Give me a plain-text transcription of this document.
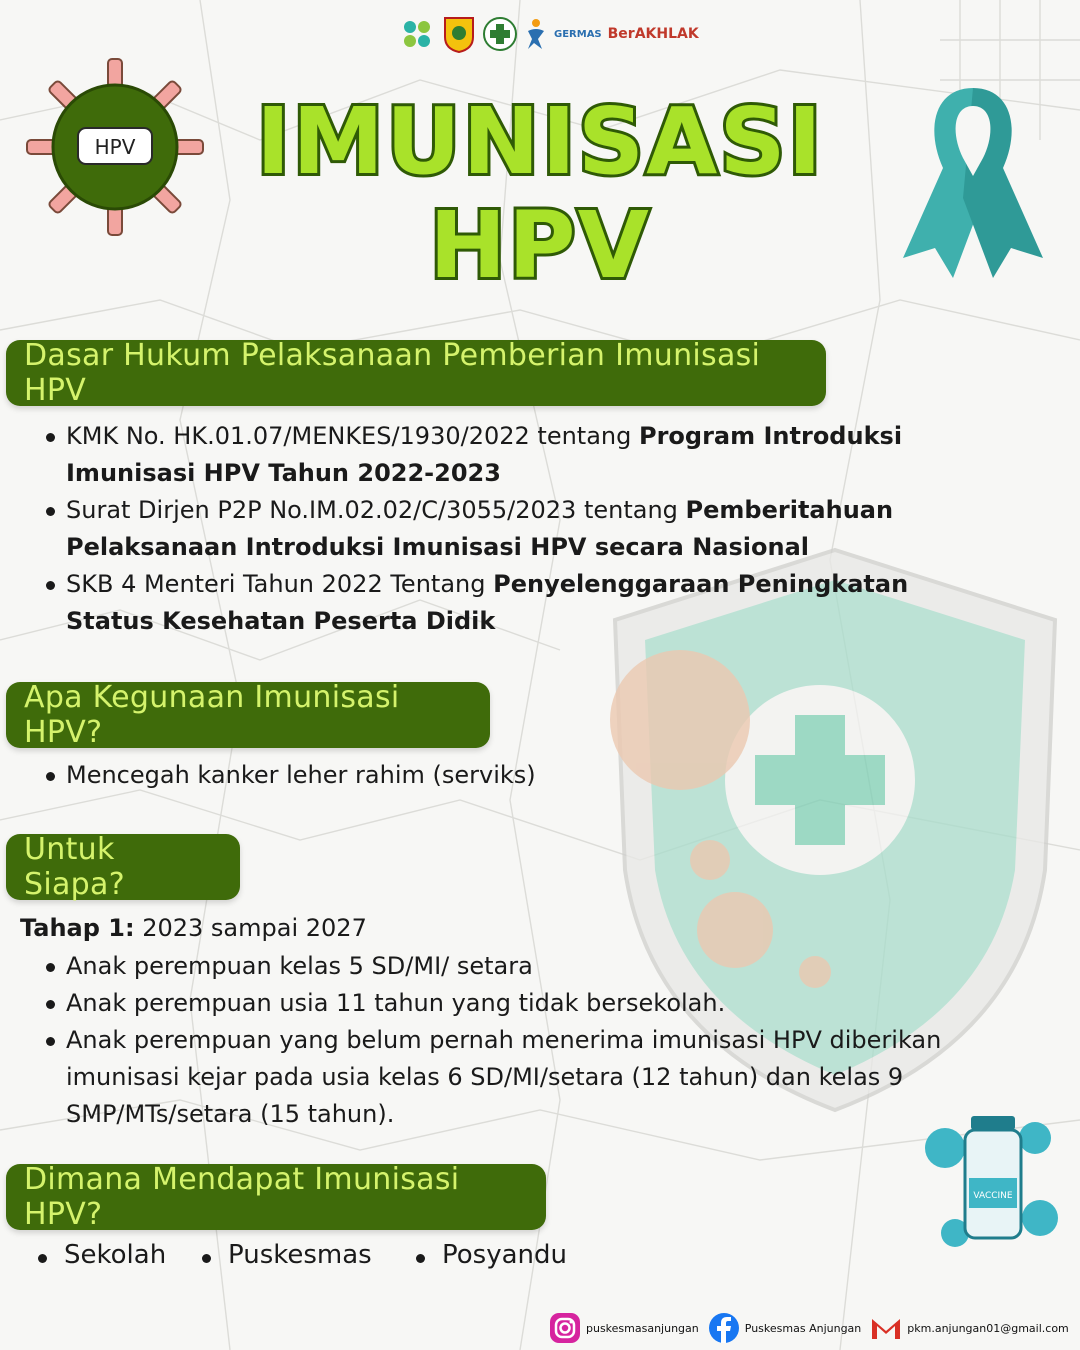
GERMAS BerAKHLAK
HPV	IMUNISASI
HPV
Dasar Hukum Pelaksanaan Pemberian Imunisasi HPV
KMK No. HK.01.07/MENKES/1930/2022 tentang Program Introduksi Imunisasi HPV Tahun 2022-2023
Surat Dirjen P2P No.IM.02.02/C/3055/2023 tentang Pemberitahuan Pelaksanaan Introduksi Imunisasi HPV secara Nasional
SKB 4 Menteri Tahun 2022 Tentang Penyelenggaraan Peningkatan Status Kesehatan Peserta Didik
Apa Kegunaan Imunisasi HPV?
Mencegah kanker leher rahim (serviks)
Untuk Siapa?
Tahap 1: 2023 sampai 2027
Anak perempuan kelas 5 SD/MI/ setara
Anak perempuan usia 11 tahun yang tidak bersekolah.
Anak perempuan yang belum pernah menerima imunisasi HPV diberikan imunisasi kejar pada usia kelas 6 SD/MI/setara (12 tahun) dan kelas 9 SMP/MTs/setara (15 tahun).
Dimana Mendapat Imunisasi HPV?
Sekolah	Puskesmas	Posyandu
VACCINE
puskesmasanjungan	Puskesmas Anjungan	pkm.anjungan01@gmail.com
